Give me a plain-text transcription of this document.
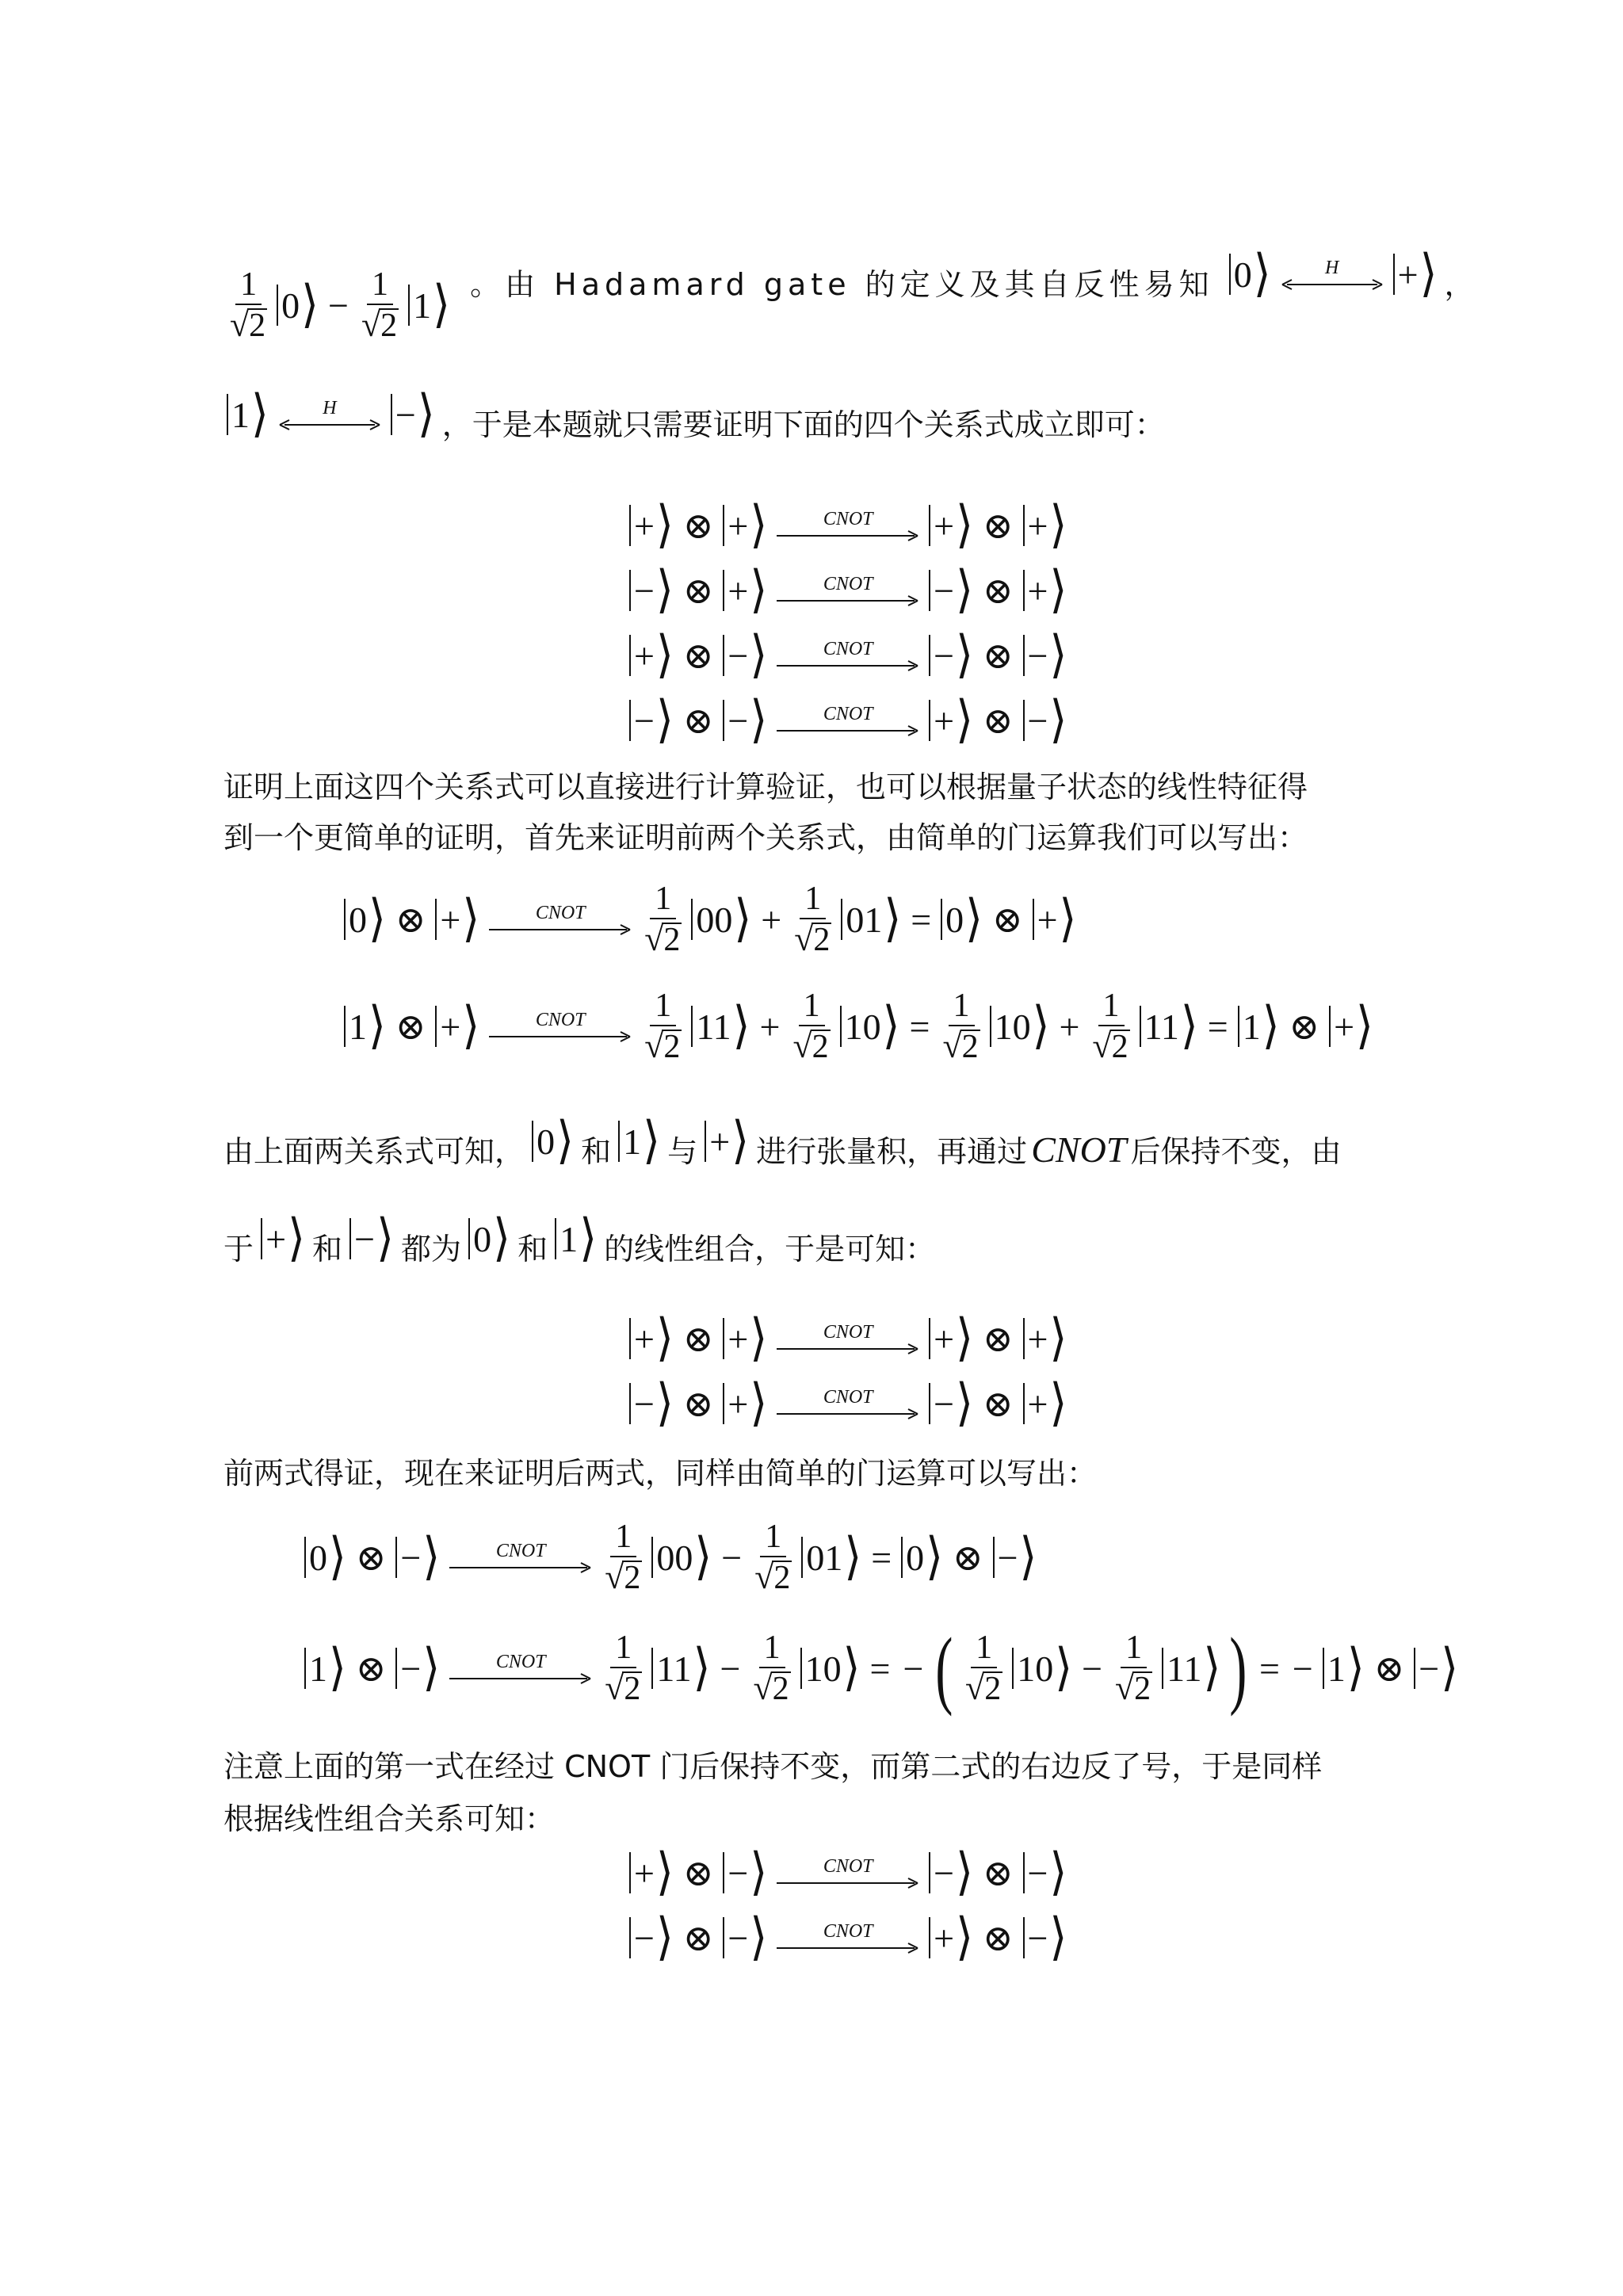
$\frac{1}{√ 2} 0$ ⟩ − $\frac{1}{√ 2} 1$ ⟩ 。由 Hadamard gate 的定义及其自反性易知 0 ⟩	H + ⟩ ，
1 ⟩	H − ⟩ ，于是本题就只需要证明下面的四个关系式成立即可：
+ ⟩ ⊗ + ⟩	CNOT + ⟩ ⊗ + ⟩

− ⟩ ⊗ + ⟩	CNOT − ⟩ ⊗ + ⟩

+ ⟩ ⊗ − ⟩	CNOT − ⟩ ⊗ − ⟩

− ⟩ ⊗ − ⟩	CNOT + ⟩ ⊗ − ⟩
证明上面这四个关系式可以直接进行计算验证，也可以根据量子状态的线性特征得
到一个更简单的证明，首先来证明前两个关系式，由简单的门运算我们可以写出：
0 ⟩ ⊗ + ⟩	CNOT $\frac{1}{√ 2} 00$ ⟩ + $\frac{1}{√ 2} 01$ ⟩ = 0 ⟩ ⊗ + ⟩
1 ⟩ ⊗ + ⟩	CNOT $\frac{1}{√ 2} 11$ ⟩ + $\frac{1}{√ 2} 10$ ⟩ = $\frac{1}{√ 2} 10$ ⟩ + $\frac{1}{√ 2} 11$ ⟩ = 1 ⟩ ⊗ + ⟩
由上面两关系式可知， 0 ⟩ 和 1 ⟩ 与 + ⟩ 进行张量积，再通过 CNOT 后保持不变，由
于 + ⟩ 和 − ⟩ 都为 0 ⟩ 和 1 ⟩ 的线性组合，于是可知：
+ ⟩ ⊗ + ⟩	CNOT + ⟩ ⊗ + ⟩

− ⟩ ⊗ + ⟩	CNOT − ⟩ ⊗ + ⟩
前两式得证，现在来证明后两式，同样由简单的门运算可以写出：
0 ⟩ ⊗ − ⟩	CNOT $\frac{1}{√ 2} 00$ ⟩ − $\frac{1}{√ 2} 01$ ⟩ = 0 ⟩ ⊗ − ⟩
1 ⟩ ⊗ − ⟩	CNOT $\frac{1}{√ 2} 11$ ⟩ − $\frac{1}{√ 2} 10$ ⟩ = − ( $\frac{1}{√ 2} 10$ ⟩ − $\frac{1}{√ 2} 11$ ⟩ ) = − 1 ⟩ ⊗ − ⟩
注意上面的第一式在经过 CNOT 门后保持不变，而第二式的右边反了号，于是同样
根据线性组合关系可知：
+ ⟩ ⊗ − ⟩	CNOT − ⟩ ⊗ − ⟩

− ⟩ ⊗ − ⟩	CNOT + ⟩ ⊗ − ⟩
